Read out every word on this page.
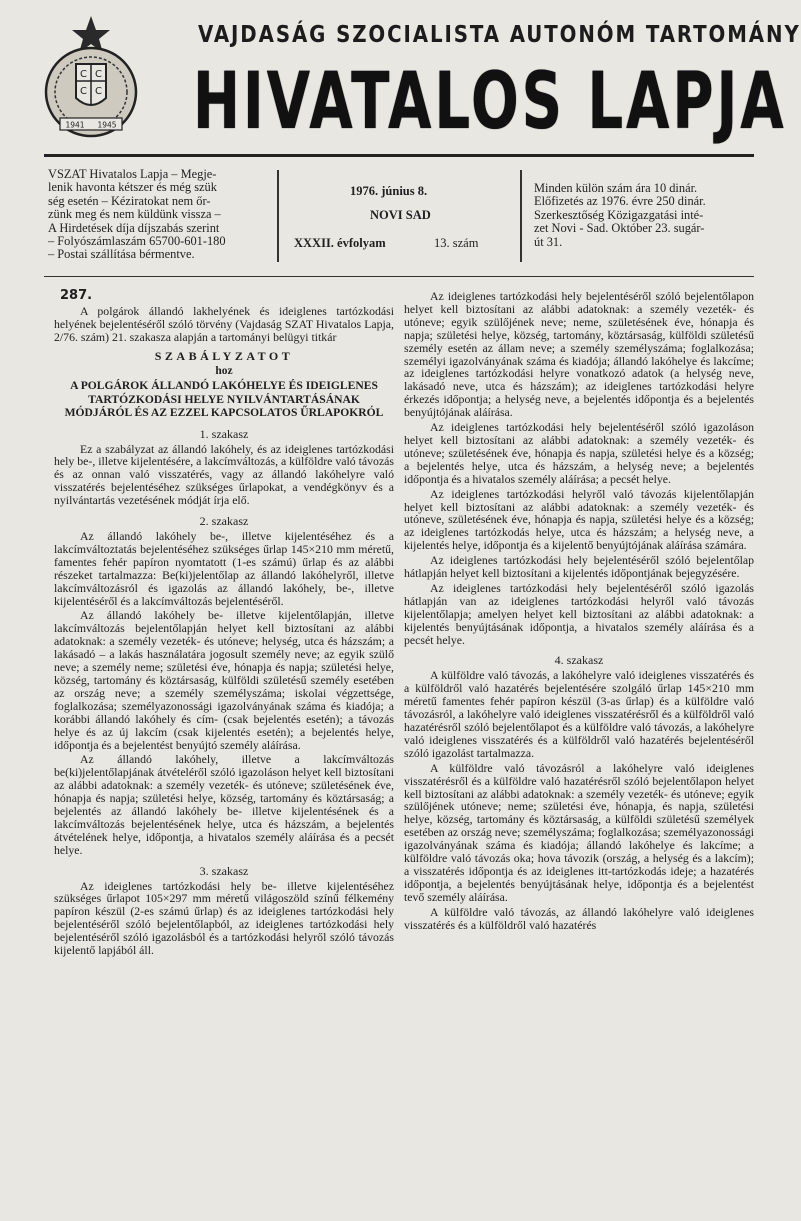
С С
С С
1941 1945
VAJDASÁG SZOCIALISTA AUTONÓM TARTOMÁNY
HIVATALOS LAPJA
VSZAT Hivatalos Lapja – Megje-
lenik havonta kétszer és még szük
ség esetén – Kéziratokat nem őr-
zünk meg és nem küldünk vissza –
A Hirdetések díja díjszabás szerint
– Folyószámlaszám 65700-601-180
– Postai szállítása bérmentve.
1976. június 8.
NOVI SAD
XXXII. évfolyam	13. szám
Minden külön szám ára 10 dinár.
Előfizetés az 1976. évre 250 dinár.
Szerkesztőség Közigazgatási inté-
zet Novi - Sad. Október 23. sugár-
út 31.

287.

A polgárok állandó lakhelyének és ideiglenes tartózkodási helyének bejelentéséről szóló törvény (Vajdaság SZAT Hivatalos Lapja, 2/76. szám) 21. szakasza alapján a tartományi belügyi titkár

SZABÁLYZATOT

hoz

A POLGÁROK ÁLLANDÓ LAKÓHELYE ÉS IDEIGLENES TARTÓZKODÁSI HELYE NYILVÁNTARTÁSÁNAK MÓDJÁRÓL ÉS AZ EZZEL KAPCSOLATOS ŰRLAPOKRÓL

1. szakasz

Ez a szabályzat az állandó lakóhely, és az ideiglenes tartózkodási hely be-, illetve kijelentésére, a lakcímváltozás, a külföldre való távozás és az onnan való visszatérés, vagy az állandó lakóhelyre való visszatérés bejelentéséhez szükséges űrlapokat, a vendégkönyv és a nyilvántartás vezetésének módját írja elő.

2. szakasz

Az állandó lakóhely be-, illetve kijelentéséhez és a lakcímváltoztatás bejelentéséhez szükséges űrlap 145×210 mm méretű, famentes fehér papíron nyomtatott (1-es számú) űrlap és az alábbi részeket tartalmazza: Be(ki)jelentőlap az állandó lakóhelyről, illetve lakcímváltozásról és igazolás az állandó lakóhely, be-, illetve kijelentéséről és a lakcímváltozás bejelentéséről.

Az állandó lakóhely be- illetve kijelentőlapján, illetve lakcímváltozás bejelentőlapján helyet kell biztosítani az alábbi adatoknak: a személy vezeték- és utóneve; helység, utca és házszám; a lakásadó – a lakás használatára jogosult személy neve; az egyik szülő neve; a személy neme; születési éve, hónapja és napja; születési helye, község, tartomány és köztársaság, külföldi születésű személy esetében az ország neve; a személy személyszáma; iskolai végzettsége, foglalkozása; személyazonossági igazolványának száma és kiadója; a korábbi állandó lakóhely és cím- (csak bejelentés esetén); a távozás helye és az új lakcím (csak kijelentés esetén); a bejelentés helye, időpontja és a bejelentést benyújtó személy aláírása.

Az állandó lakóhely, illetve a lakcímváltozás be(ki)jelentőlapjának átvételéről szóló igazoláson helyet kell biztosítani az alábbi adatoknak: a személy vezeték- és utóneve; születésének éve, hónapja és napja; születési helye, község, tartomány és köztársaság; a bejelentés az állandó lakóhely be- illetve kijelentésének és a lakcímváltozás bejelentésének helye, utca és házszám, a bejelentés átvételének helye, időpontja, a hivatalos személy aláírása és a pecsét helye.

3. szakasz

Az ideiglenes tartózkodási hely be- illetve kijelentéséhez szükséges űrlapot 105×297 mm méretű világoszöld színű félkemény papíron készül (2-es számú űrlap) és az ideiglenes tartózkodási hely bejelentéséről szóló bejelentőlapból, az ideiglenes tartózkodási hely bejelentéséről szóló igazolásból és a tartózkodási helyről szóló távozás kijelentő lapjából áll.

Az ideiglenes tartózkodási hely bejelentéséről szóló bejelentőlapon helyet kell biztosítani az alábbi adatoknak: a személy vezeték- és utóneve; egyik szülőjének neve; neme, születésének éve, hónapja és napja; születési helye, község, tartomány, köztársaság, külföldi születésű személy esetén az állam neve; a személy személyszáma; foglalkozása; személyi igazolványának száma és kiadója; állandó lakóhelye és lakcíme; az ideiglenes tartózkodási helyre vonatkozó adatok (a helység neve, lakásadó neve, utca és házszám); az ideiglenes tartózkodási helyre érkezés időpontja; a helység neve, a bejelentés időpontja és a bejelentés benyújtójának aláírása.

Az ideiglenes tartózkodási hely bejelentéséről szóló igazoláson helyet kell biztosítani az alábbi adatoknak: a személy vezeték- és utóneve; születésének éve, hónapja és napja, születési helye és a község; a bejelentés helye, utca és házszám, a helység neve; a bejelentés időpontja és a hivatalos személy aláírása; a pecsét helye.

Az ideiglenes tartózkodási helyről való távozás kijelentőlapján helyet kell biztosítani az alábbi adatoknak: a személy vezeték- és utóneve, születésének éve, hónapja és napja, születési helye és a község; az ideiglenes tartózkodás helye, utca és házszám; a helység neve, a kijelentés helye, időpontja és a kijelentő benyújtójának aláírása számára.

Az ideiglenes tartózkodási hely bejelentéséről szóló bejelentőlap hátlapján helyet kell biztosítani a kijelentés időpontjának bejegyzésére.

Az ideiglenes tartózkodási hely bejelentéséről szóló igazolás hátlapján van az ideiglenes tartózkodási helyről való távozás kijelentőlapja; amelyen helyet kell biztosítani az alábbi adatoknak: a kijelentés benyújtásának időpontja, a hivatalos személy aláírása és a pecsét helye.

4. szakasz

A külföldre való távozás, a lakóhelyre való ideiglenes visszatérés és a külföldről való hazatérés bejelentésére szolgáló űrlap 145×210 mm méretű famentes fehér papíron készül (3-as űrlap) és a külföldre való távozásról, a lakóhelyre való ideiglenes visszatérésről és a külföldről való hazatérésről szóló bejelentőlapot és a külföldre való távozás, a lakóhelyre való ideiglenes visszatérés és a külföldről való hazatérés bejelentéséről szóló igazolást tartalmazza.

A külföldre való távozásról a lakóhelyre való ideiglenes visszatérésről és a külföldre való hazatérésről szóló bejelentőlapon helyet kell biztosítani az alábbi adatoknak: a személy vezeték- és utóneve; egyik szülőjének utóneve; neme; születési éve, hónapja, és napja, születési helye, község, tartomány és köztársaság, a külföldi születésű személyek esetében az ország neve; személyszáma; foglalkozása; személyazonossági igazolványának száma és kiadója; állandó lakóhelye és lakcíme; a külföldre való távozás oka; hova távozik (ország, a helység és a lakcím); a visszatérés időpontja és az ideiglenes itt-tartózkodás ideje; a hazatérés időpontja, a bejelentés benyújtásának helye, időpontja és a bejelentést tevő személy aláírása.

A külföldre való távozás, az állandó lakóhelyre való ideiglenes visszatérés és a külföldről való hazatérés
